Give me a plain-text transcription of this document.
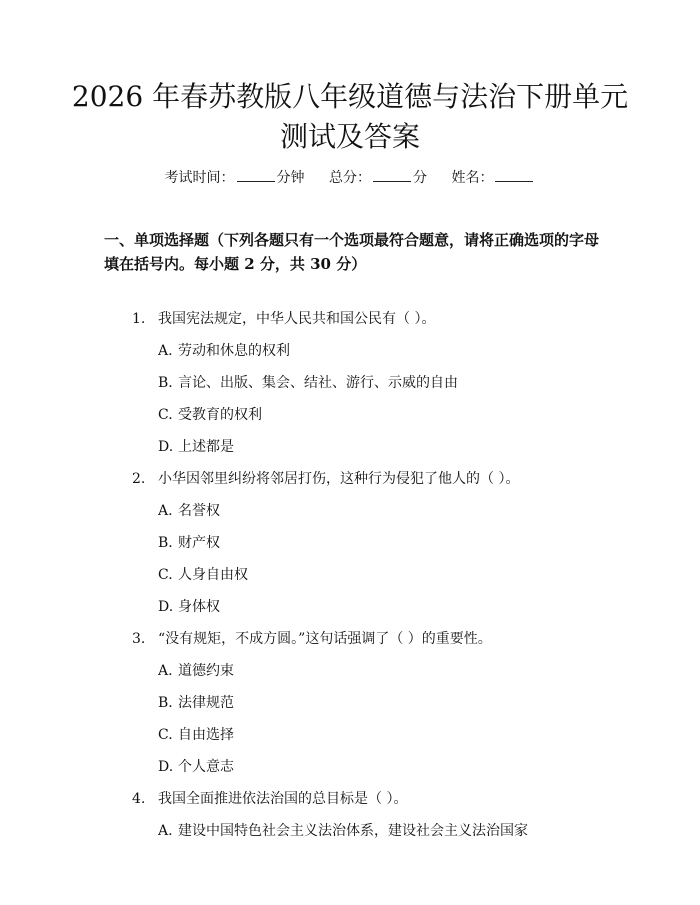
2026 年春苏教版八年级道德与法治下册单元
测试及答案
考试时间：	分钟 总分：	分 姓名：

一、单项选择题（下列各题只有一个选项最符合题意，请将正确选项的字母填在括号内。每小题 2 分，共 30 分）

1. 我国宪法规定，中华人民共和国公民有（ ）。
A. 劳动和休息的权利
B. 言论、出版、集会、结社、游行、示威的自由
C. 受教育的权利
D. 上述都是
2. 小华因邻里纠纷将邻居打伤，这种行为侵犯了他人的（ ）。
A. 名誉权
B. 财产权
C. 人身自由权
D. 身体权
3. “没有规矩，不成方圆。”这句话强调了（ ）的重要性。
A. 道德约束
B. 法律规范
C. 自由选择
D. 个人意志
4. 我国全面推进依法治国的总目标是（ ）。
A. 建设中国特色社会主义法治体系，建设社会主义法治国家
